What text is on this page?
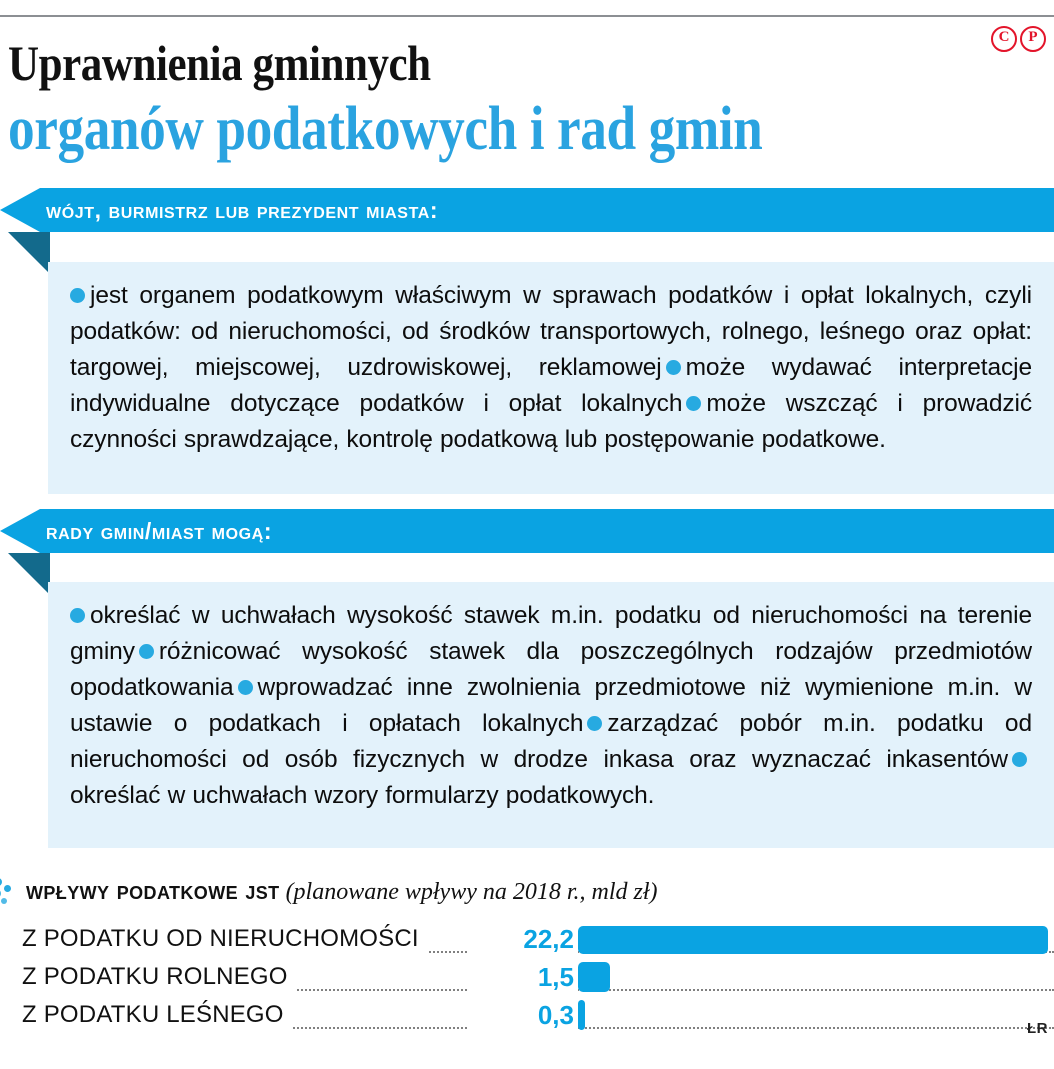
C	P
Uprawnienia gminnych
organów podatkowych i rad gmin
wójt, burmistrz lub prezydent miasta:

jest organem podatkowym właściwym w sprawach podatków i opłat lokalnych, czyli podatków: od nieruchomości, od środków transportowych, rolnego, leśnego oraz opłat: targowej, miejscowej, uzdrowiskowej, reklamowej może wydawać interpretacje indywidualne dotyczące podatków i opłat lokalnych może wszcząć i prowadzić czynności sprawdzające, kontrolę podatkową lub postępowanie podatkowe.

rady gmin/miast mogą:

określać w uchwałach wysokość stawek m.in. podatku od nieruchomości na terenie gminy różnicować wysokość stawek dla poszczególnych rodzajów przedmiotów opodatkowania wprowadzać inne zwolnienia przedmiotowe niż wymienione m.in. w ustawie o podatkach i opłatach lokalnych zarządzać pobór m.in. podatku od nieruchomości od osób fizycznych w drodze inkasa oraz wyznaczać inkasentówokreślać w uchwałach wzory formularzy podatkowych.

wpływy podatkowe jst (planowane wpływy na 2018 r., mld zł)
Z PODATKU OD NIERUCHOMOŚCI	22,2
Z PODATKU ROLNEGO	1,5
Z PODATKU LEŚNEGO	0,3	ŁR
